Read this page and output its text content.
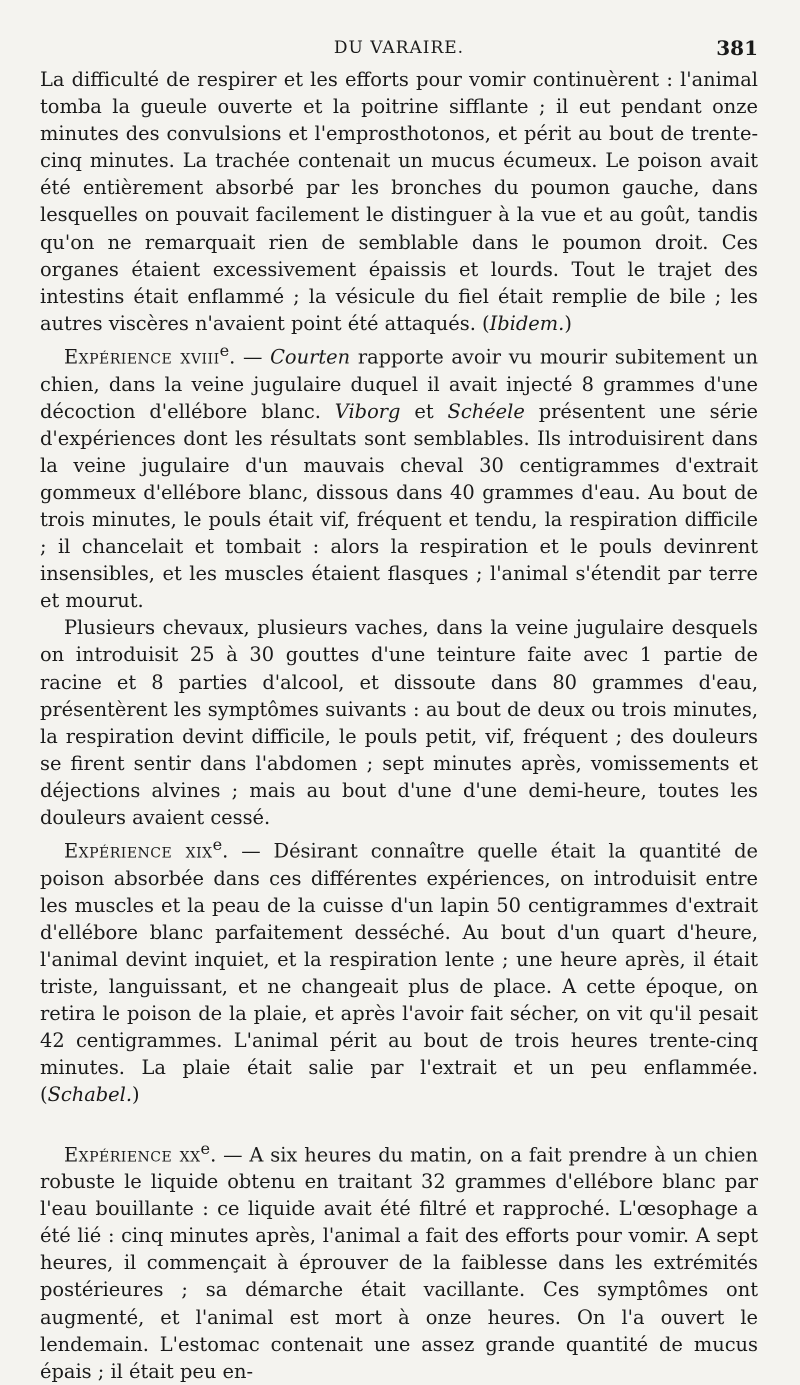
DU VARAIRE.	381

La difficulté de respirer et les efforts pour vomir continuèrent : l'animal tomba la gueule ouverte et la poitrine sifflante ; il eut pendant onze minutes des convulsions et l'emprosthotonos, et périt au bout de trente-cinq minutes. La trachée contenait un mucus écumeux. Le poison avait été entièrement absorbé par les bronches du poumon gauche, dans lesquelles on pouvait facilement le distinguer à la vue et au goût, tandis qu'on ne remarquait rien de semblable dans le poumon droit. Ces organes étaient excessivement épaissis et lourds. Tout le trajet des intestins était enflammé ; la vésicule du fiel était remplie de bile ; les autres viscères n'avaient point été attaqués. (Ibidem.)

Expérience xviii$^e$. — Courten rapporte avoir vu mourir subitement un chien, dans la veine jugulaire duquel il avait injecté 8 grammes d'une décoction d'ellébore blanc. Viborg et Schéele présentent une série d'expériences dont les résultats sont semblables. Ils introduisirent dans la veine jugulaire d'un mauvais cheval 30 centigrammes d'extrait gommeux d'ellébore blanc, dissous dans 40 grammes d'eau. Au bout de trois minutes, le pouls était vif, fréquent et tendu, la respiration difficile ; il chancelait et tombait : alors la respiration et le pouls devinrent insensibles, et les muscles étaient flasques ; l'animal s'étendit par terre et mourut.

Plusieurs chevaux, plusieurs vaches, dans la veine jugulaire desquels on introduisit 25 à 30 gouttes d'une teinture faite avec 1 partie de racine et 8 parties d'alcool, et dissoute dans 80 grammes d'eau, présentèrent les symptômes suivants : au bout de deux ou trois minutes, la respiration devint difficile, le pouls petit, vif, fréquent ; des douleurs se firent sentir dans l'abdomen ; sept minutes après, vomissements et déjections alvines ; mais au bout d'une d'une demi-heure, toutes les douleurs avaient cessé.

Expérience xix$^e$. — Désirant connaître quelle était la quantité de poison absorbée dans ces différentes expériences, on introduisit entre les muscles et la peau de la cuisse d'un lapin 50 centigrammes d'extrait d'ellébore blanc parfaitement desséché. Au bout d'un quart d'heure, l'animal devint inquiet, et la respiration lente ; une heure après, il était triste, languissant, et ne changeait plus de place. A cette époque, on retira le poison de la plaie, et après l'avoir fait sécher, on vit qu'il pesait 42 centigrammes. L'animal périt au bout de trois heures trente-cinq minutes. La plaie était salie par l'extrait et un peu enflammée. (Schabel.)

Expérience $xx^e$. — A six heures du matin, on a fait prendre à un chien robuste le liquide obtenu en traitant 32 grammes d'ellébore blanc par l'eau bouillante : ce liquide avait été filtré et rapproché. L'œsophage a été lié : cinq minutes après, l'animal a fait des efforts pour vomir. A sept heures, il commençait à éprouver de la faiblesse dans les extrémités postérieures ; sa démarche était vacillante. Ces symptômes ont augmenté, et l'animal est mort à onze heures. On l'a ouvert le lendemain. L'estomac contenait une assez grande quantité de mucus épais ; il était peu en-
